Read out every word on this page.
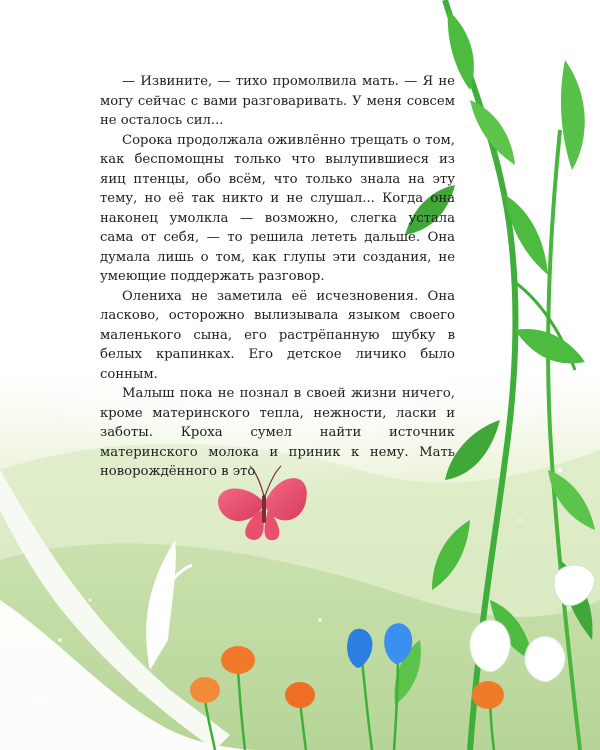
— Извините, — тихо промолвила мать. — Я не могу сейчас с вами разговаривать. У меня совсем не осталось сил...

Сорока продолжала оживлённо трещать о том, как беспомощны только что вылупившиеся из яиц птенцы, обо всём, что только знала на эту тему, но её так никто и не слушал... Когда она наконец умолкла — возможно, слегка устала сама от себя, — то решила лететь дальше. Она думала лишь о том, как глупы эти создания, не умеющие поддержать разговор.

Олениха не заметила её исчезновения. Она ласково, осторожно вылизывала языком своего маленького сына, его растрёпанную шубку в белых крапинках. Его детское личико было сонным.

Малыш пока не познал в своей жизни ничего, кроме материнского тепла, нежности, ласки и заботы. Кроха сумел найти источник материнского молока и приник к нему. Мать новорождённого в это
